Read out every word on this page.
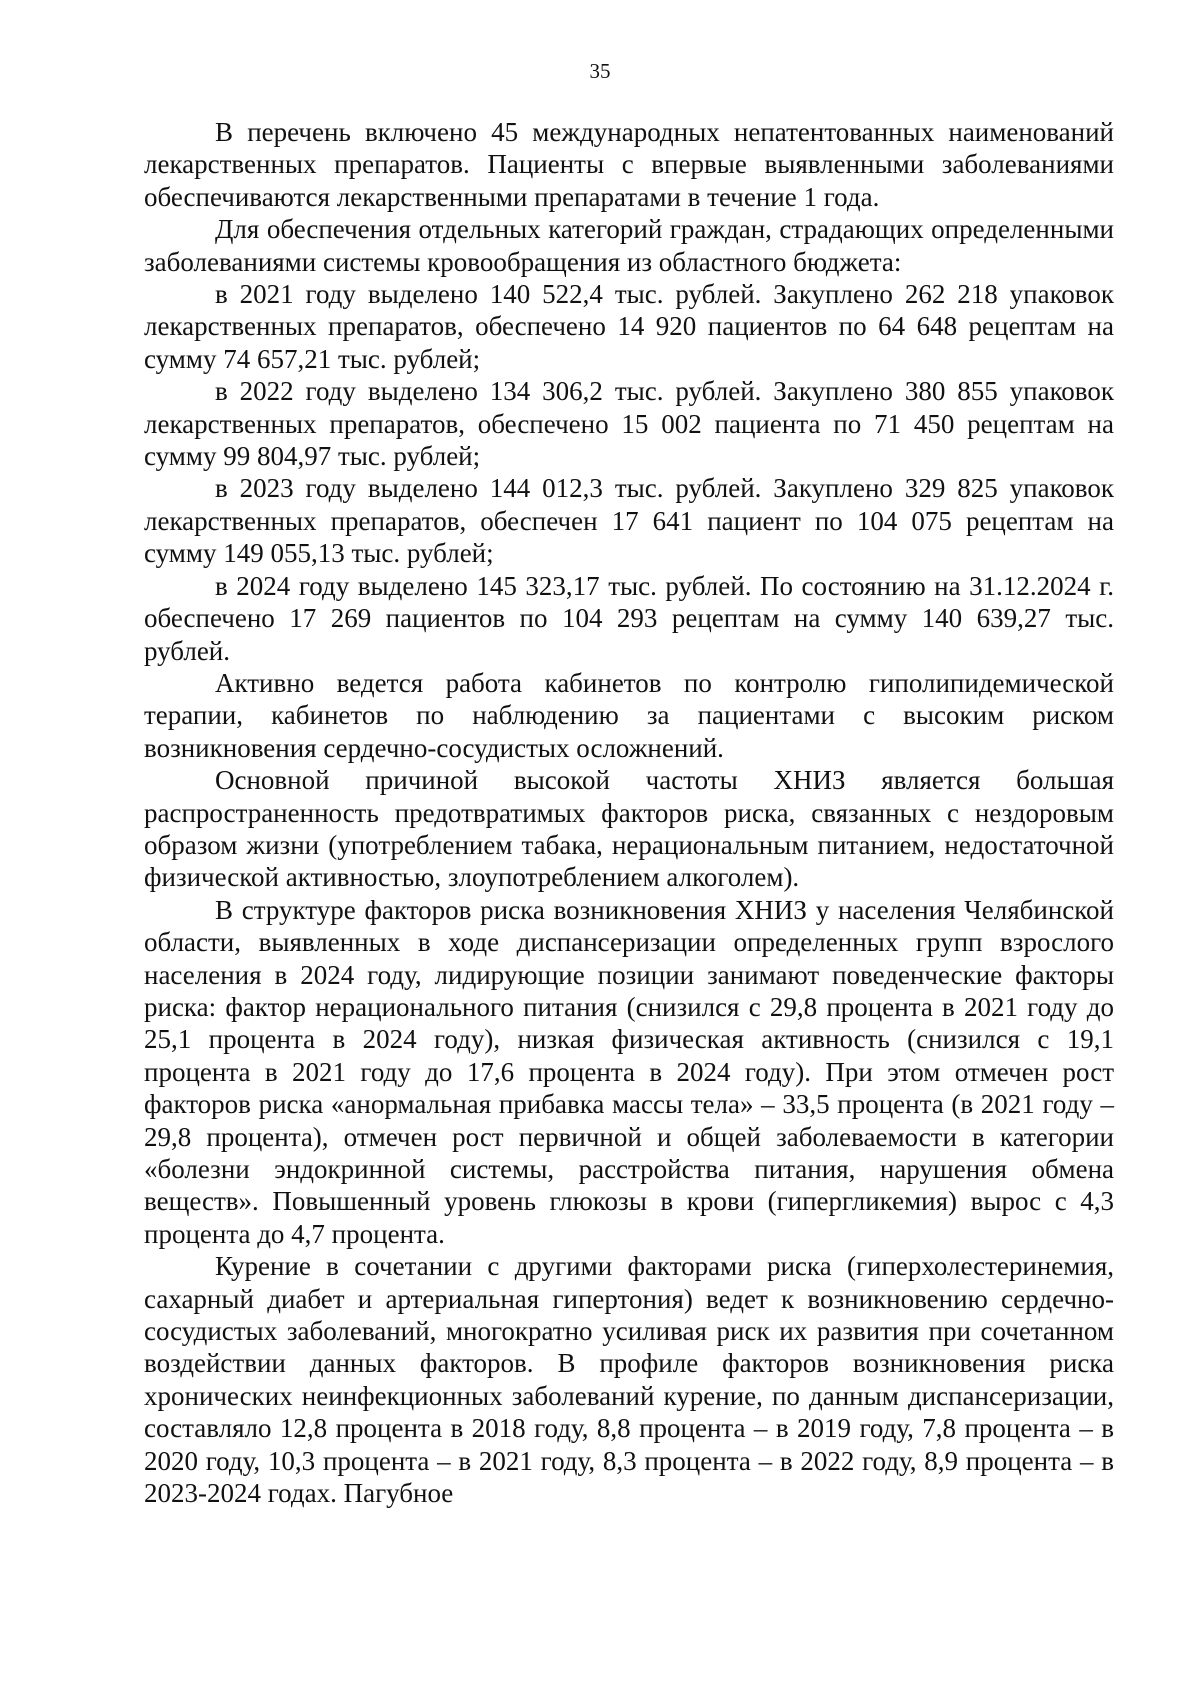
35

В перечень включено 45 международных непатентованных наименований лекарственных препаратов. Пациенты с впервые выявленными заболеваниями обеспечиваются лекарственными препаратами в течение 1 года.

Для обеспечения отдельных категорий граждан, страдающих определенными заболеваниями системы кровообращения из областного бюджета:

в 2021 году выделено 140 522,4 тыс. рублей. Закуплено 262 218 упаковок лекарственных препаратов, обеспечено 14 920 пациентов по 64 648 рецептам на сумму 74 657,21 тыс. рублей;

в 2022 году выделено 134 306,2 тыс. рублей. Закуплено 380 855 упаковок лекарственных препаратов, обеспечено 15 002 пациента по 71 450 рецептам на сумму 99 804,97 тыс. рублей;

в 2023 году выделено 144 012,3 тыс. рублей. Закуплено 329 825 упаковок лекарственных препаратов, обеспечен 17 641 пациент по 104 075 рецептам на сумму 149 055,13 тыс. рублей;

в 2024 году выделено 145 323,17 тыс. рублей. По состоянию на 31.12.2024 г. обеспечено 17 269 пациентов по 104 293 рецептам на сумму 140 639,27 тыс. рублей.

Активно ведется работа кабинетов по контролю гиполипидемической терапии, кабинетов по наблюдению за пациентами с высоким риском возникновения сердечно-сосудистых осложнений.

Основной причиной высокой частоты ХНИЗ является большая распространенность предотвратимых факторов риска, связанных с нездоровым образом жизни (употреблением табака, нерациональным питанием, недостаточной физической активностью, злоупотреблением алкоголем).

В структуре факторов риска возникновения ХНИЗ у населения Челябинской области, выявленных в ходе диспансеризации определенных групп взрослого населения в 2024 году, лидирующие позиции занимают поведенческие факторы риска: фактор нерационального питания (снизился с 29,8 процента в 2021 году до 25,1 процента в 2024 году), низкая физическая активность (снизился с 19,1 процента в 2021 году до 17,6 процента в 2024 году). При этом отмечен рост факторов риска «анормальная прибавка массы тела» – 33,5 процента (в 2021 году – 29,8 процента), отмечен рост первичной и общей заболеваемости в категории «болезни эндокринной системы, расстройства питания, нарушения обмена веществ». Повышенный уровень глюкозы в крови (гипергликемия) вырос с 4,3 процента до 4,7 процента.

Курение в сочетании с другими факторами риска (гиперхолестеринемия, сахарный диабет и артериальная гипертония) ведет к возникновению сердечно-сосудистых заболеваний, многократно усиливая риск их развития при сочетанном воздействии данных факторов. В профиле факторов возникновения риска хронических неинфекционных заболеваний курение, по данным диспансеризации, составляло 12,8 процента в 2018 году, 8,8 процента – в 2019 году, 7,8 процента – в 2020 году, 10,3 процента – в 2021 году, 8,3 процента – в 2022 году, 8,9 процента – в 2023-2024 годах. Пагубное
